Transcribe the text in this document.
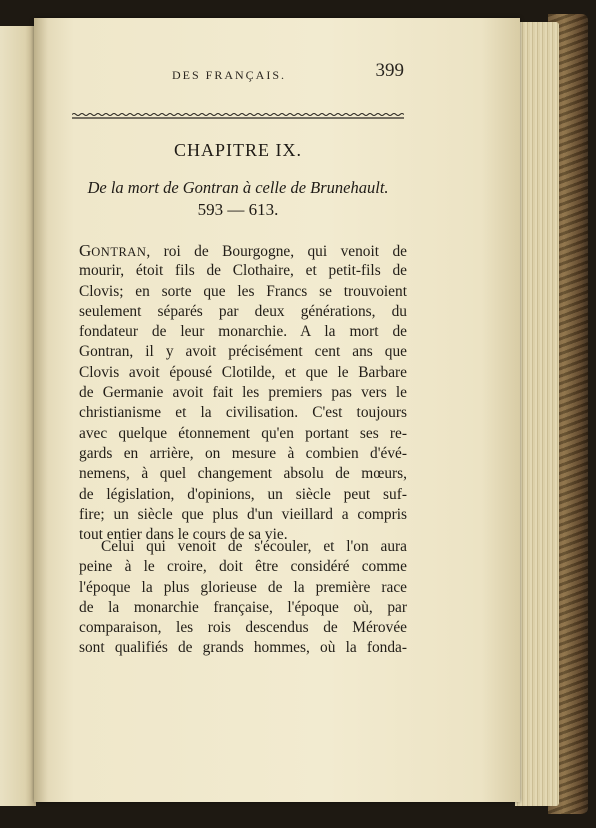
DES FRANÇAIS.	399
CHAPITRE IX.
De la mort de Gontran à celle de Brunehault.
593 — 613.
GONTRAN, roi de Bourgogne, qui venoit de
mourir, étoit fils de Clothaire, et petit-fils de
Clovis; en sorte que les Francs se trouvoient
seulement séparés par deux générations, du
fondateur de leur monarchie. A la mort de
Gontran, il y avoit précisément cent ans que
Clovis avoit épousé Clotilde, et que le Barbare
de Germanie avoit fait les premiers pas vers le
christianisme et la civilisation. C'est toujours
avec quelque étonnement qu'en portant ses re-
gards en arrière, on mesure à combien d'évé-
nemens, à quel changement absolu de mœurs,
de législation, d'opinions, un siècle peut suf-
fire; un siècle que plus d'un vieillard a compris
tout entier dans le cours de sa vie.
Celui qui venoit de s'écouler, et l'on aura
peine à le croire, doit être considéré comme
l'époque la plus glorieuse de la première race
de la monarchie française, l'époque où, par
comparaison, les rois descendus de Mérovée
sont qualifiés de grands hommes, où la fonda-
